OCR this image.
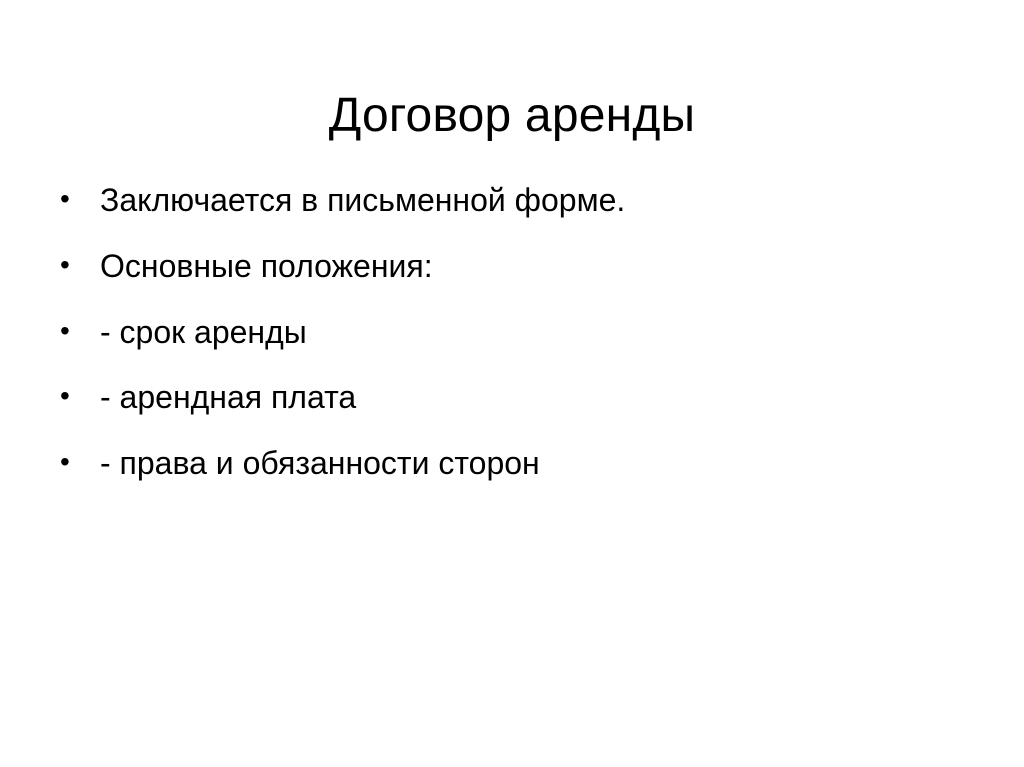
Договор аренды
• Заключается в письменной форме.
• Основные положения:
• - срок аренды
• - арендная плата
• - права и обязанности сторон
